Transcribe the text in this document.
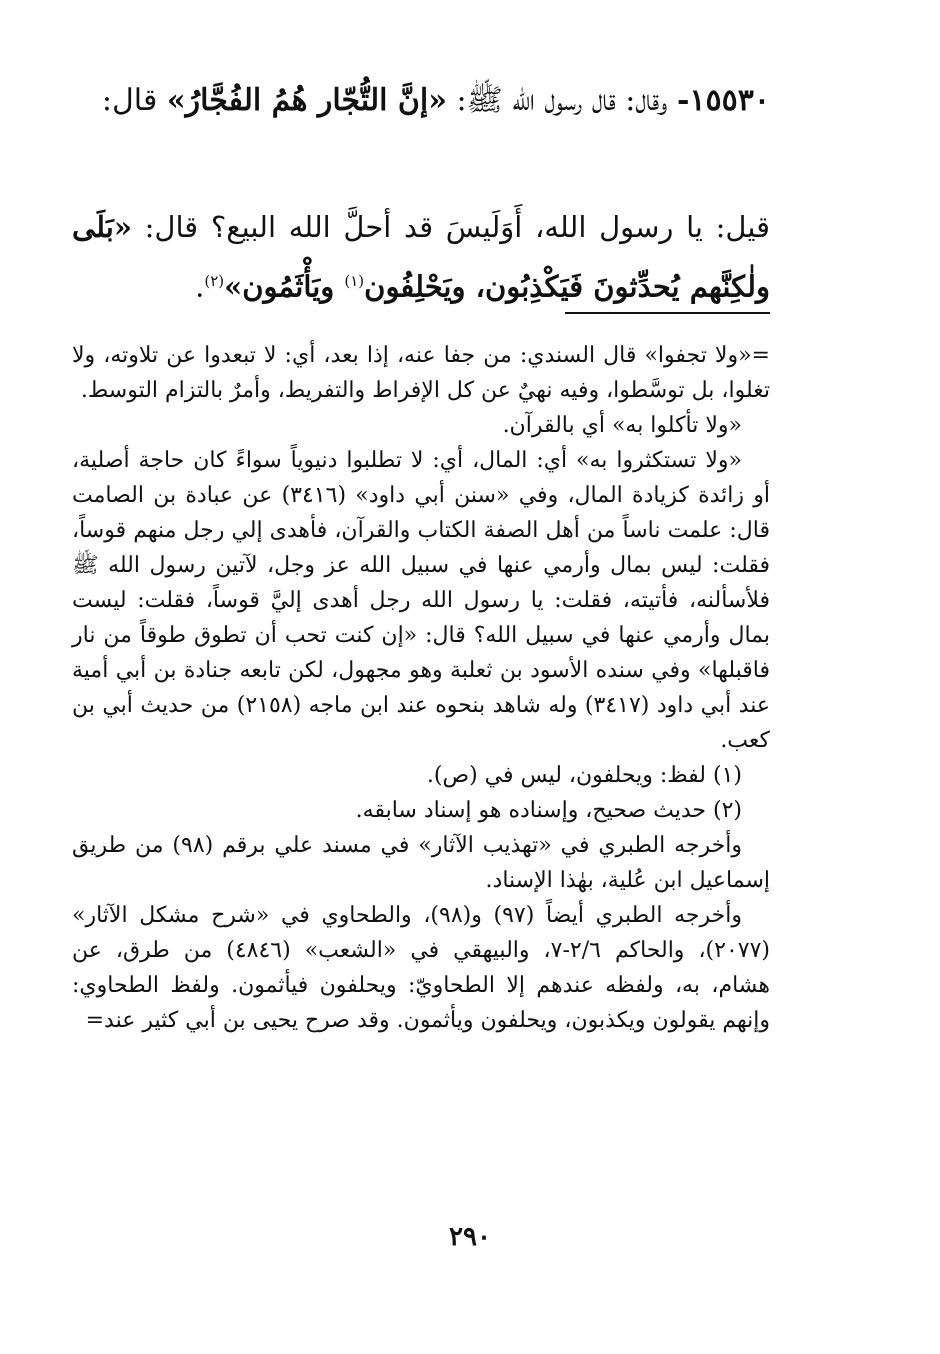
١٥٥٣٠- وقال: قال رسول الله ﷺ: «إنَّ التُّجّار هُمُ الفُجَّارُ» قال:
قيل: يا رسول الله، أَوَلَيسَ قد أحلَّ الله البيع؟ قال: «بَلَى ولٰكِنَّهم يُحدِّثونَ فَيَكْذِبُون، ويَحْلِفُون$^{(١)}$ ويَأْثَمُون»$^{(٢)}$.

=«ولا تجفوا» قال السندي: من جفا عنه، إذا بعد، أي: لا تبعدوا عن تلاوته، ولا تغلوا، بل توسَّطوا، وفيه نهيٌ عن كل الإفراط والتفريط، وأمرٌ بالتزام التوسط.

«ولا تأكلوا به» أي بالقرآن.

«ولا تستكثروا به» أي: المال، أي: لا تطلبوا دنيوياً سواءً كان حاجة أصلية، أو زائدة كزيادة المال، وفي «سنن أبي داود» (٣٤١٦) عن عبادة بن الصامت قال: علمت ناساً من أهل الصفة الكتاب والقرآن، فأهدى إلي رجل منهم قوساً، فقلت: ليس بمال وأرمي عنها في سبيل الله عز وجل، لآتين رسول الله ﷺ فلأسألنه، فأتيته، فقلت: يا رسول الله رجل أهدى إليَّ قوساً، فقلت: ليست بمال وأرمي عنها في سبيل الله؟ قال: «إن كنت تحب أن تطوق طوقاً من نار فاقبلها» وفي سنده الأسود بن ثعلبة وهو مجهول، لكن تابعه جنادة بن أبي أمية عند أبي داود (٣٤١٧) وله شاهد بنحوه عند ابن ماجه (٢١٥٨) من حديث أبي بن كعب.

(١) لفظ: ويحلفون، ليس في (ص).

(٢) حديث صحيح، وإسناده هو إسناد سابقه.

وأخرجه الطبري في «تهذيب الآثار» في مسند علي برقم (٩٨) من طريق إسماعيل ابن عُلية، بهٰذا الإسناد.

وأخرجه الطبري أيضاً (٩٧) و(٩٨)، والطحاوي في «شرح مشكل الآثار» (٢٠٧٧)، والحاكم ٢/٦-٧، والبيهقي في «الشعب» (٤٨٤٦) من طرق، عن هشام، به، ولفظه عندهم إلا الطحاويّ: ويحلفون فيأثمون. ولفظ الطحاوي: وإنهم يقولون ويكذبون، ويحلفون ويأثمون. وقد صرح يحيى بن أبي كثير عند=

٢٩٠
